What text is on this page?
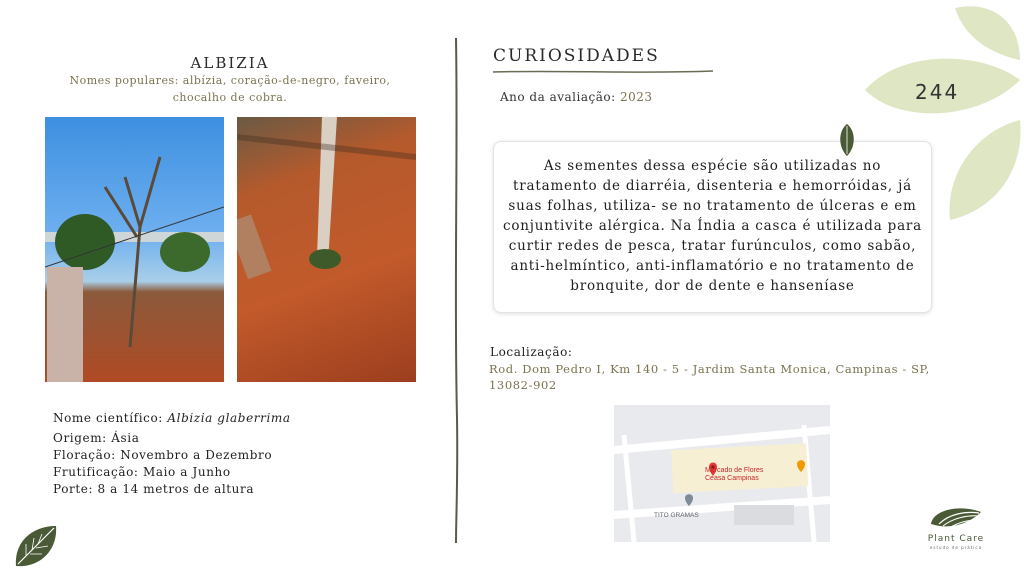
244
ALBIZIA
Nomes populares: albízia, coração-de-negro, faveiro, chocalho de cobra.
Nome científico: Albizia glaberrima
Origem: Ásia
Floração: Novembro a Dezembro
Frutificação: Maio a Junho
Porte: 8 a 14 metros de altura
CURIOSIDADES
Ano da avaliação: 2023

As sementes dessa espécie são utilizadas no tratamento de diarréia, disenteria e hemorróidas, já suas folhas, utiliza- se no tratamento de úlceras e em conjuntivite alérgica. Na Índia a casca é utilizada para curtir redes de pesca, tratar furúnculos, como sabão, anti-helmíntico, anti-inflamatório e no tratamento de bronquite, dor de dente e hanseníase

Localização:
Rod. Dom Pedro I, Km 140 - 5 - Jardim Santa Monica, Campinas - SP, 13082-902
Mercado de Flores
Ceasa Campinas
TITO GRAMAS
Plant Care
estudo de prática
